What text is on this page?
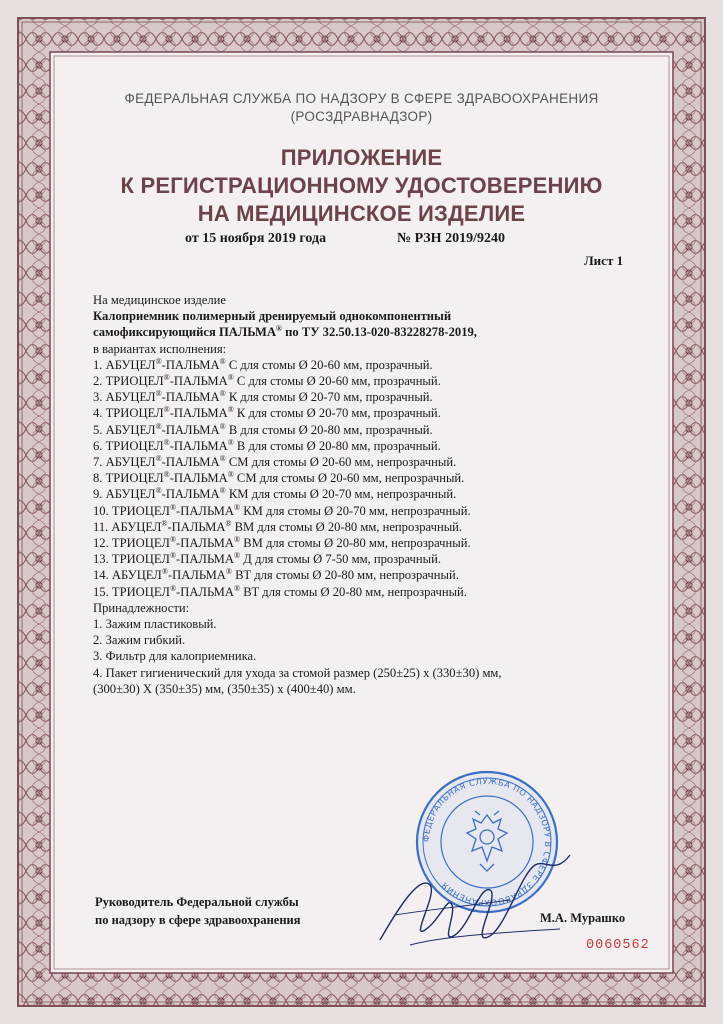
ФЕДЕРАЛЬНАЯ СЛУЖБА ПО НАДЗОРУ В СФЕРЕ ЗДРАВООХРАНЕНИЯ
(РОСЗДРАВНАДЗОР)
ПРИЛОЖЕНИЕ
К РЕГИСТРАЦИОННОМУ УДОСТОВЕРЕНИЮ
НА МЕДИЦИНСКОЕ ИЗДЕЛИЕ
от 15 ноября 2019 года	№ РЗН 2019/9240
Лист 1
На медицинское изделие
Калоприемник полимерный дренируемый однокомпонентный
самофиксирующийся ПАЛЬМА® по ТУ 32.50.13-020-83228278-2019,
в вариантах исполнения:
1. АБУЦЕЛ®-ПАЛЬМА® С для стомы Ø 20-60 мм, прозрачный.
2. ТРИОЦЕЛ®-ПАЛЬМА® С для стомы Ø 20-60 мм, прозрачный.
3. АБУЦЕЛ®-ПАЛЬМА® К для стомы Ø 20-70 мм, прозрачный.
4. ТРИОЦЕЛ®-ПАЛЬМА® К для стомы Ø 20-70 мм, прозрачный.
5. АБУЦЕЛ®-ПАЛЬМА® В для стомы Ø 20-80 мм, прозрачный.
6. ТРИОЦЕЛ®-ПАЛЬМА® В для стомы Ø 20-80 мм, прозрачный.
7. АБУЦЕЛ®-ПАЛЬМА® СМ для стомы Ø 20-60 мм, непрозрачный.
8. ТРИОЦЕЛ®-ПАЛЬМА® СМ для стомы Ø 20-60 мм, непрозрачный.
9. АБУЦЕЛ®-ПАЛЬМА® КМ для стомы Ø 20-70 мм, непрозрачный.
10. ТРИОЦЕЛ®-ПАЛЬМА® КМ для стомы Ø 20-70 мм, непрозрачный.
11. АБУЦЕЛ®-ПАЛЬМА® ВМ для стомы Ø 20-80 мм, непрозрачный.
12. ТРИОЦЕЛ®-ПАЛЬМА® ВМ для стомы Ø 20-80 мм, непрозрачный.
13. ТРИОЦЕЛ®-ПАЛЬМА® Д для стомы Ø 7-50 мм, прозрачный.
14. АБУЦЕЛ®-ПАЛЬМА® ВТ для стомы Ø 20-80 мм, непрозрачный.
15. ТРИОЦЕЛ®-ПАЛЬМА® ВТ для стомы Ø 20-80 мм, непрозрачный.
Принадлежности:
1. Зажим пластиковый.
2. Зажим гибкий.
3. Фильтр для калоприемника.
4. Пакет гигиенический для ухода за стомой размер (250±25) х (330±30) мм,
(300±30) Х (350±35) мм, (350±35) х (400±40) мм.
ФЕДЕРАЛЬНАЯ СЛУЖБА ПО НАДЗОРУ В СФЕРЕ ЗДРАВООХРАНЕНИЯ
Руководитель Федеральной службы
по надзору в сфере здравоохранения	М.А. Мурашко
0060562
